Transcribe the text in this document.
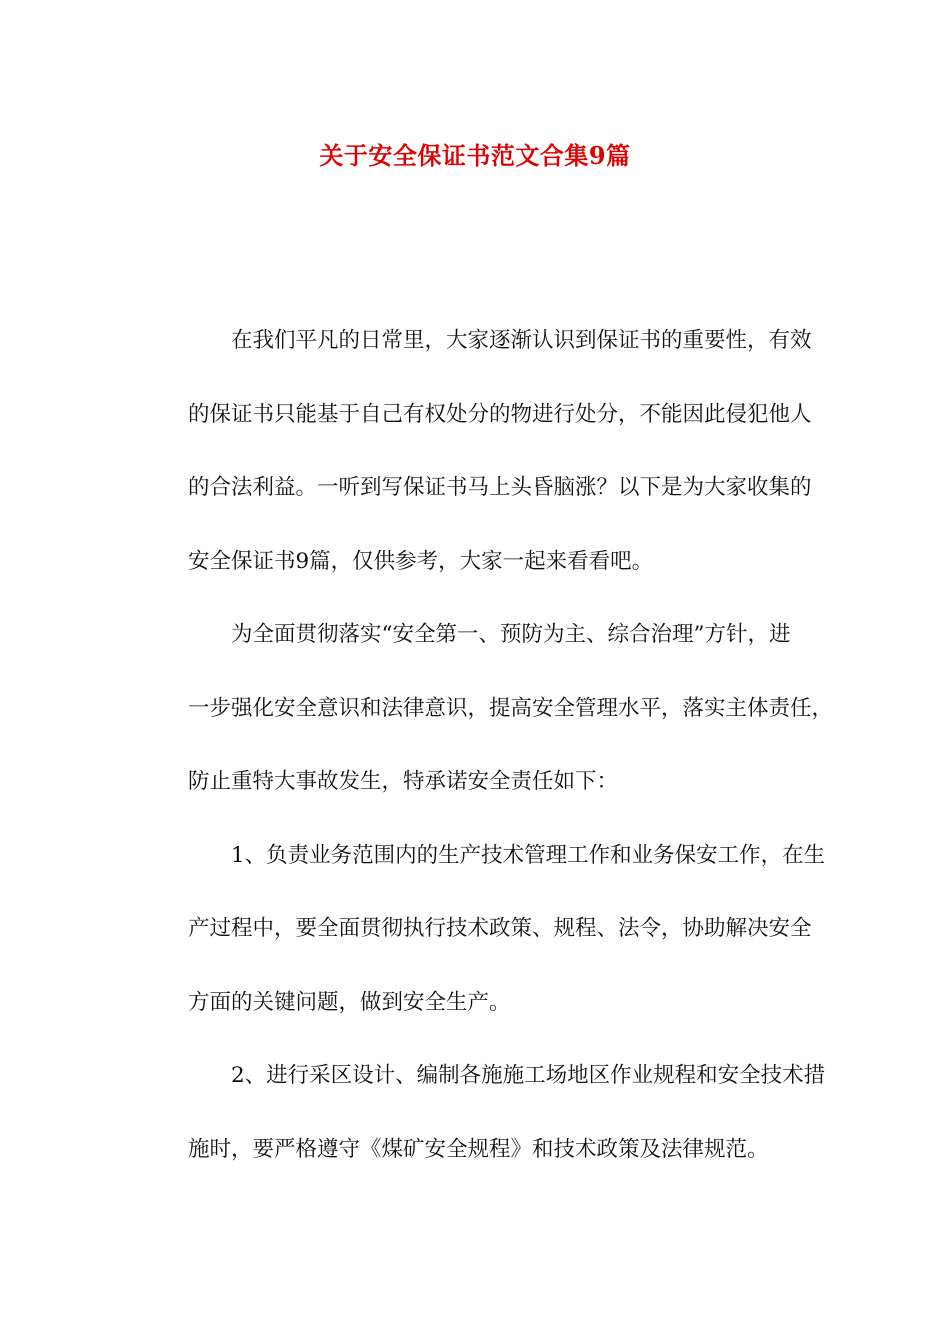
关于安全保证书范文合集9篇
在我们平凡的日常里，大家逐渐认识到保证书的重要性，有效
的保证书只能基于自己有权处分的物进行处分，不能因此侵犯他人
的合法利益。一听到写保证书马上头昏脑涨？以下是为大家收集的
安全保证书9篇，仅供参考，大家一起来看看吧。
为全面贯彻落实“安全第一、预防为主、综合治理”方针，进
一步强化安全意识和法律意识，提高安全管理水平，落实主体责任，
防止重特大事故发生，特承诺安全责任如下：
1、负责业务范围内的生产技术管理工作和业务保安工作，在生
产过程中，要全面贯彻执行技术政策、规程、法令，协助解决安全
方面的关键问题，做到安全生产。
2、进行采区设计、编制各施施工场地区作业规程和安全技术措
施时，要严格遵守《煤矿安全规程》和技术政策及法律规范。
